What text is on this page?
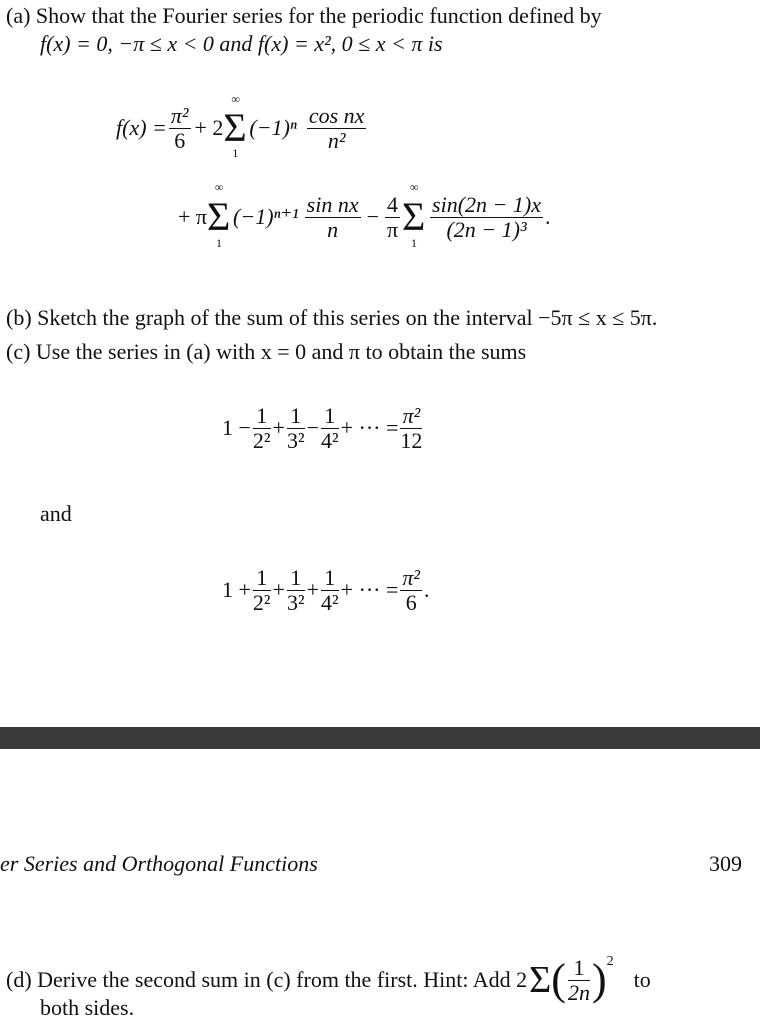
(a) Show that the Fourier series for the periodic function defined by
f(x) = 0, −π ≤ x < 0 and f(x) = x², 0 ≤ x < π is
$f(x) = \frac{\text{π²}}{6} + 2$
∞
Σ
1
$(-1)^n \frac{\text{cos nx}}{\text{n²}}$
+ π
∞
Σ
1
$(-1)^{n+1} \frac{\text{sin nx}}{n} - \frac{4}{\pi}$
∞
Σ
1
$\frac{\sin(2n - 1)x}{\text{(2n − 1)³}}$ .
(b) Sketch the graph of the sum of this series on the interval −5π ≤ x ≤ 5π.
(c) Use the series in (a) with x = 0 and π to obtain the sums
$1 - \frac{1}{\text{2²}} + \frac{1}{\text{3²}} - \frac{1}{\text{4²}}$ + ··· = $\frac{\text{π²}}{12}$
and
$1 + \frac{1}{\text{2²}} + \frac{1}{\text{3²}} + \frac{1}{\text{4²}}$ + ··· = $\frac{\text{π²}}{6}$ .
er Series and Orthogonal Functions	309
(d) Derive the second sum in (c) from the first. Hint: Add 2 Σ ( $\frac{1}{2n} )^2$
to
both sides.
